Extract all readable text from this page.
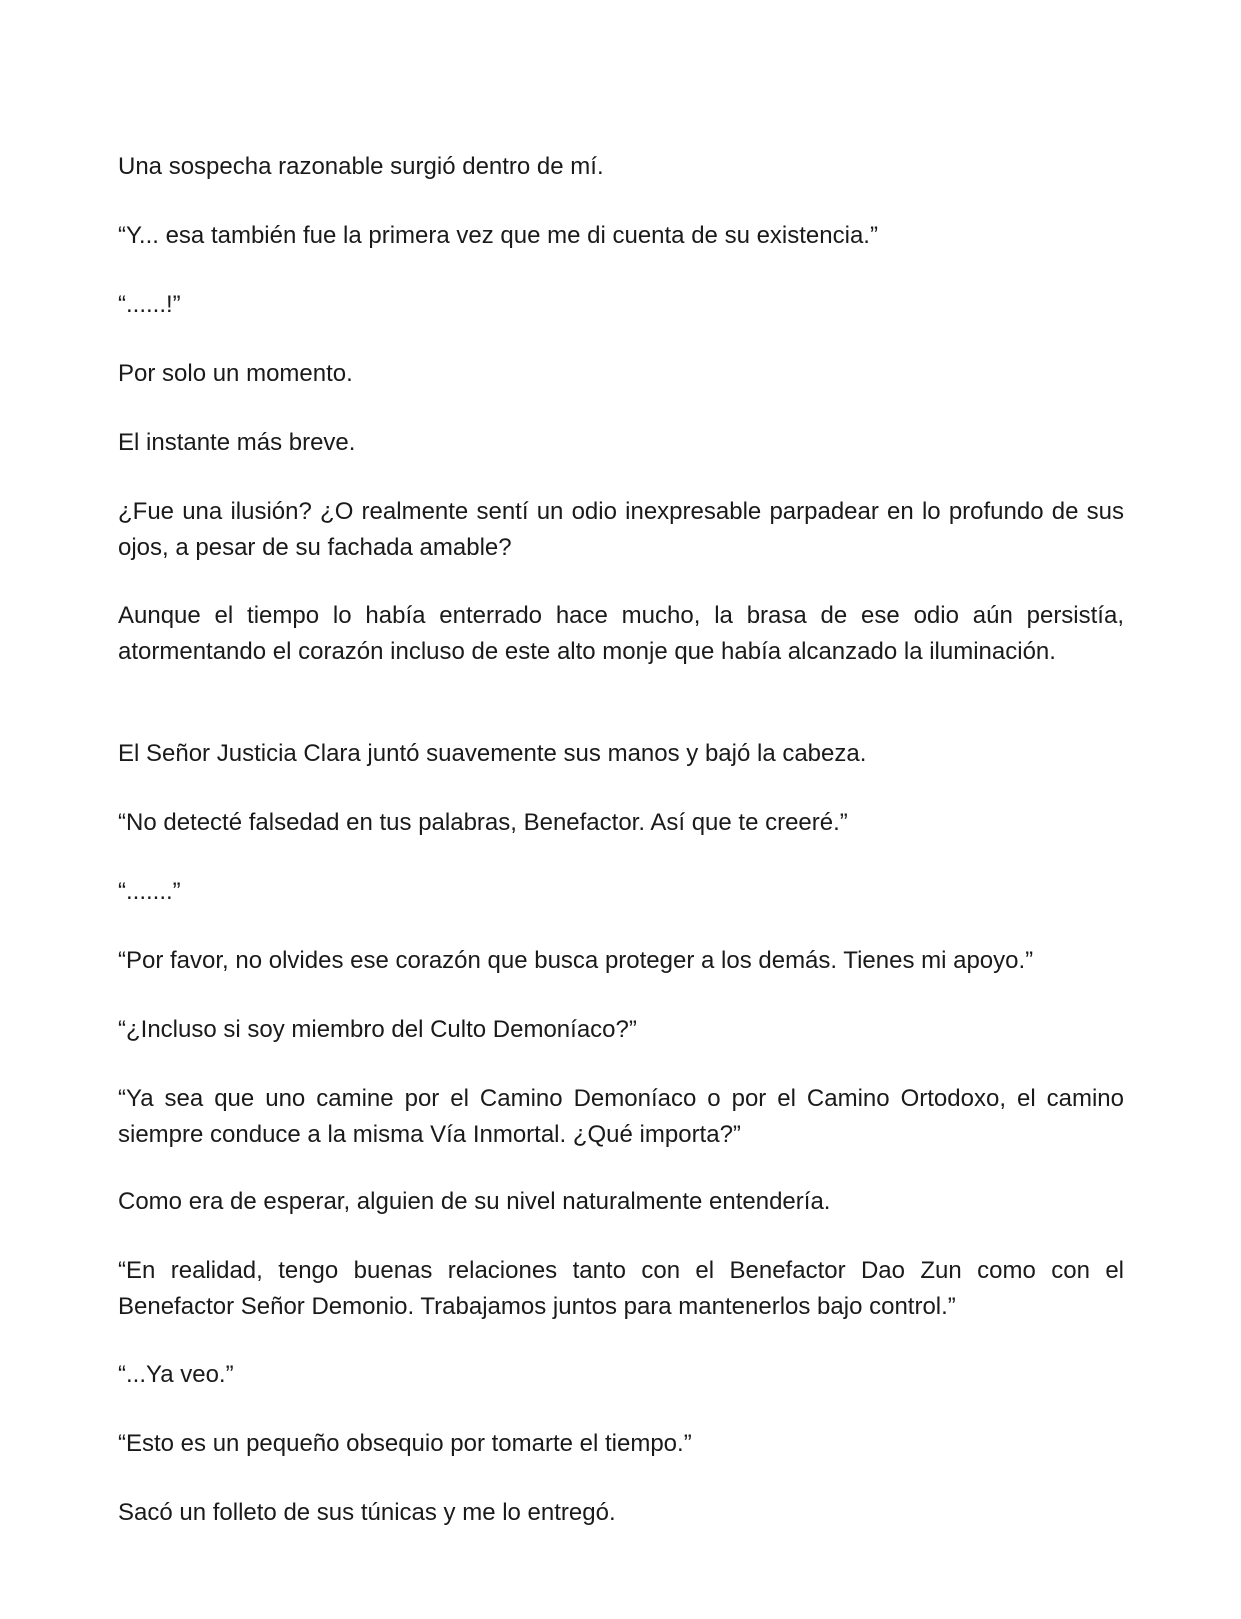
Una sospecha razonable surgió dentro de mí.

“Y... esa también fue la primera vez que me di cuenta de su existencia.”

“......!”

Por solo un momento.

El instante más breve.

¿Fue una ilusión? ¿O realmente sentí un odio inexpresable parpadear en lo profundo de sus ojos, a pesar de su fachada amable?

Aunque el tiempo lo había enterrado hace mucho, la brasa de ese odio aún persistía, atormentando el corazón incluso de este alto monje que había alcanzado la iluminación.

El Señor Justicia Clara juntó suavemente sus manos y bajó la cabeza.

“No detecté falsedad en tus palabras, Benefactor. Así que te creeré.”

“.......”

“Por favor, no olvides ese corazón que busca proteger a los demás. Tienes mi apoyo.”

“¿Incluso si soy miembro del Culto Demoníaco?”

“Ya sea que uno camine por el Camino Demoníaco o por el Camino Ortodoxo, el camino siempre conduce a la misma Vía Inmortal. ¿Qué importa?”

Como era de esperar, alguien de su nivel naturalmente entendería.

“En realidad, tengo buenas relaciones tanto con el Benefactor Dao Zun como con el Benefactor Señor Demonio. Trabajamos juntos para mantenerlos bajo control.”

“...Ya veo.”

“Esto es un pequeño obsequio por tomarte el tiempo.”

Sacó un folleto de sus túnicas y me lo entregó.
